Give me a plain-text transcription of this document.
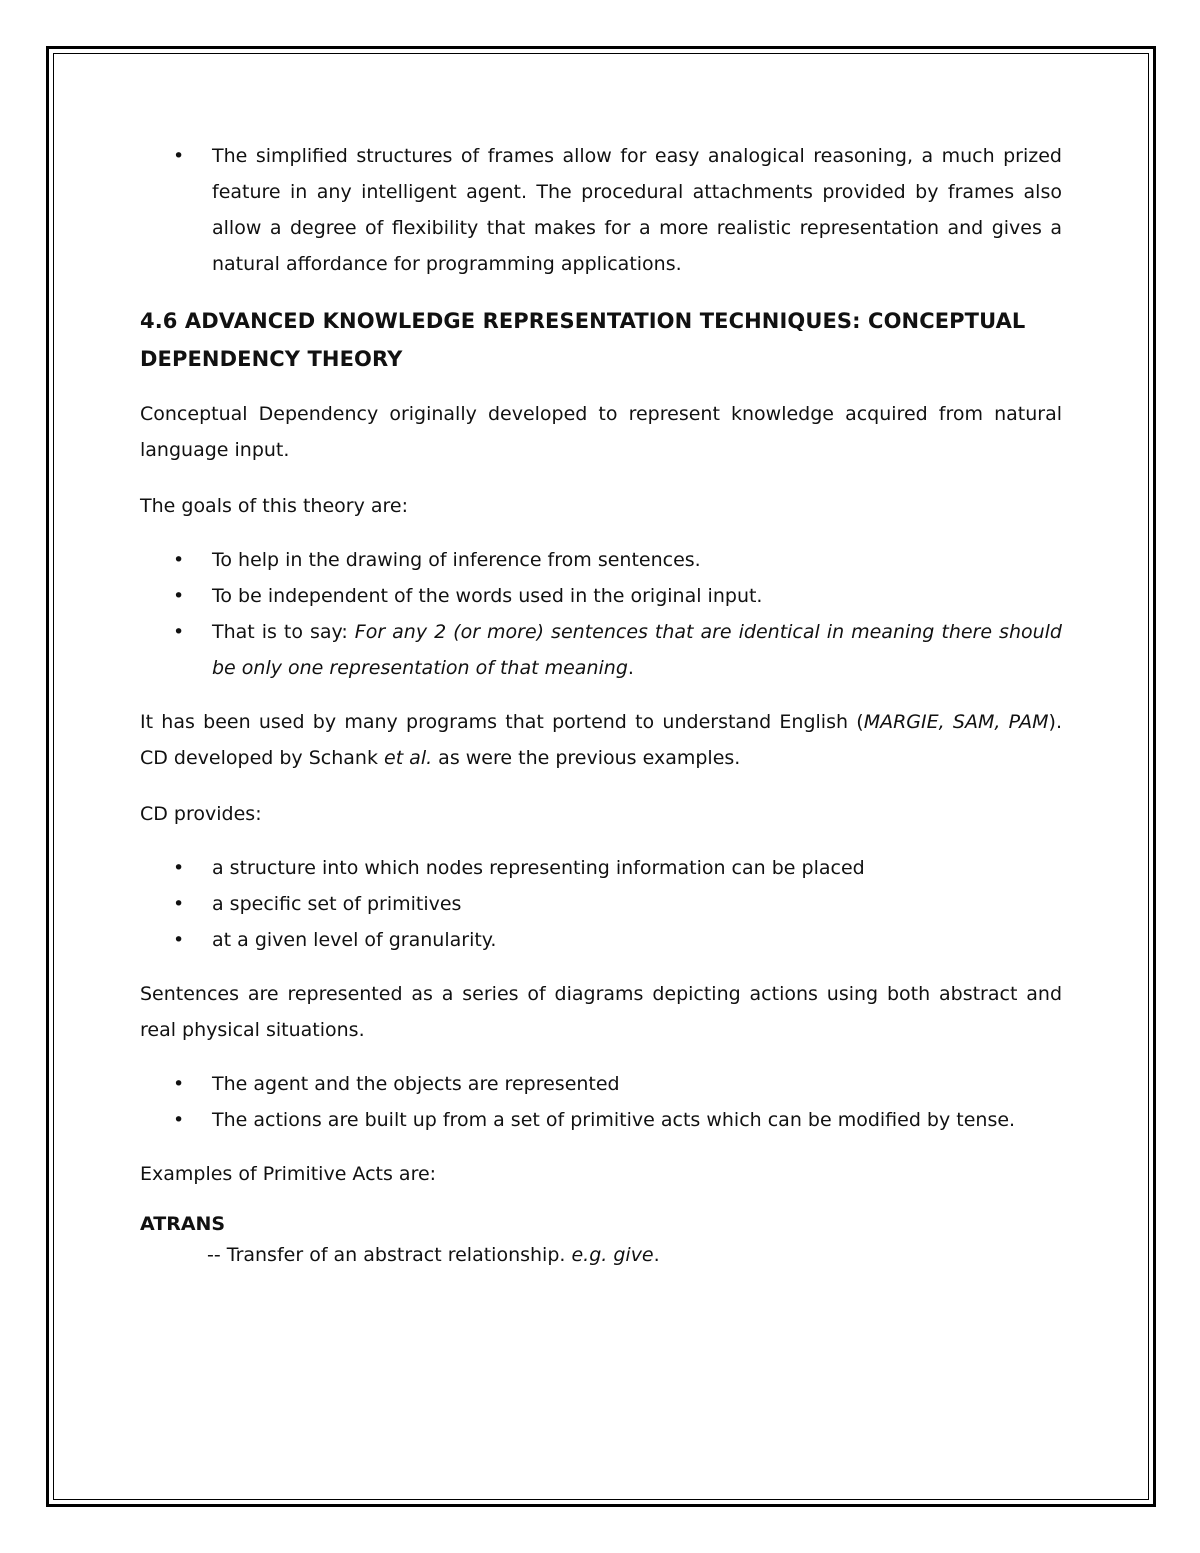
• The simplified structures of frames allow for easy analogical reasoning, a much prized feature in any intelligent agent. The procedural attachments provided by frames also allow a degree of flexibility that makes for a more realistic representation and gives a natural affordance for programming applications.
4.6 ADVANCED KNOWLEDGE REPRESENTATION TECHNIQUES: CONCEPTUAL DEPENDENCY THEORY

Conceptual Dependency originally developed to represent knowledge acquired from natural language input.

The goals of this theory are:

• To help in the drawing of inference from sentences.
• To be independent of the words used in the original input.
• That is to say: For any 2 (or more) sentences that are identical in meaning there should be only one representation of that meaning.

It has been used by many programs that portend to understand English (MARGIE, SAM, PAM). CD developed by Schank et al. as were the previous examples.

CD provides:

• a structure into which nodes representing information can be placed
• a specific set of primitives
• at a given level of granularity.

Sentences are represented as a series of diagrams depicting actions using both abstract and real physical situations.

• The agent and the objects are represented
• The actions are built up from a set of primitive acts which can be modified by tense.

Examples of Primitive Acts are:

ATRANS
-- Transfer of an abstract relationship. e.g. give.
